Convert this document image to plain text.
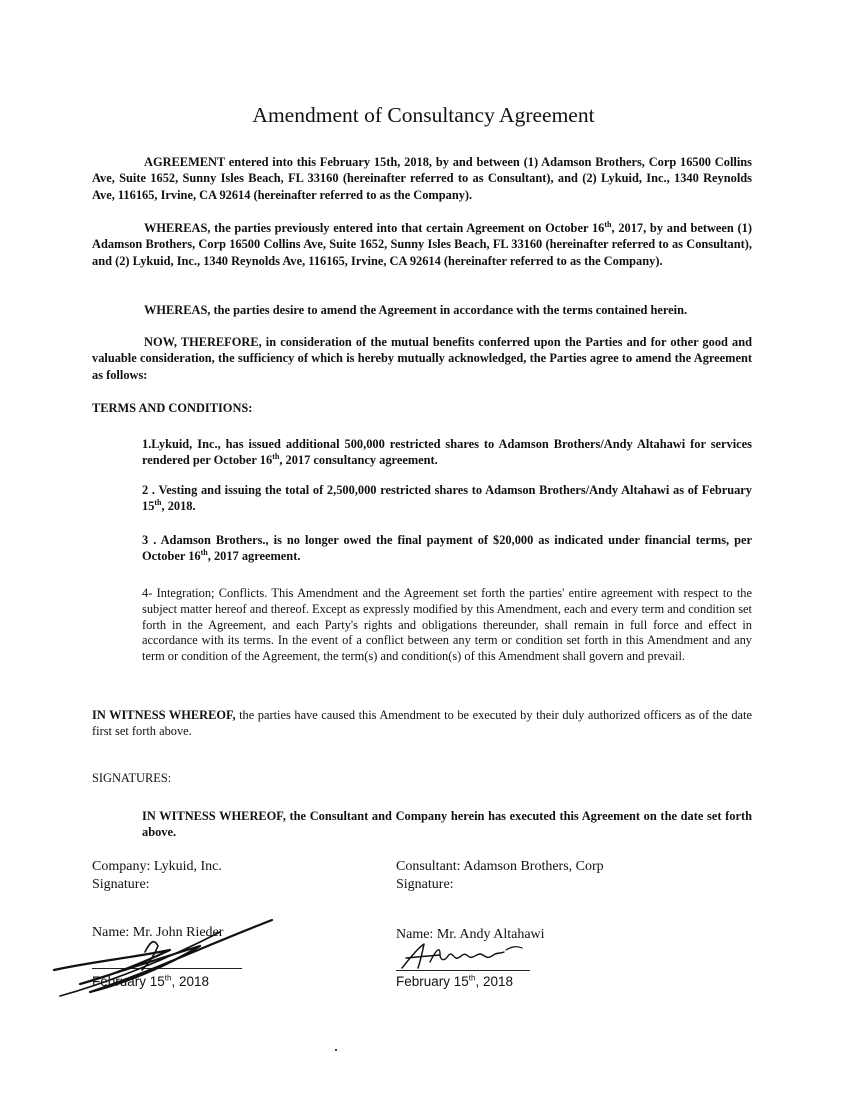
Amendment of Consultancy Agreement

AGREEMENT entered into this February 15th, 2018, by and between (1) Adamson Brothers, Corp 16500 Collins Ave, Suite 1652, Sunny Isles Beach, FL 33160 (hereinafter referred to as Consultant), and (2) Lykuid, Inc., 1340 Reynolds Ave, 116165, Irvine, CA 92614 (hereinafter referred to as the Company).

WHEREAS, the parties previously entered into that certain Agreement on October 16th, 2017, by and between (1) Adamson Brothers, Corp 16500 Collins Ave, Suite 1652, Sunny Isles Beach, FL 33160 (hereinafter referred to as Consultant), and (2) Lykuid, Inc., 1340 Reynolds Ave, 116165, Irvine, CA 92614 (hereinafter referred to as the Company).

WHEREAS, the parties desire to amend the Agreement in accordance with the terms contained herein.

NOW, THEREFORE, in consideration of the mutual benefits conferred upon the Parties and for other good and valuable consideration, the sufficiency of which is hereby mutually acknowledged, the Parties agree to amend the Agreement as follows:

TERMS AND CONDITIONS:

1.Lykuid, Inc., has issued additional 500,000 restricted shares to Adamson Brothers/Andy Altahawi for services rendered per October 16th, 2017 consultancy agreement.

2 . Vesting and issuing the total of 2,500,000 restricted shares to Adamson Brothers/Andy Altahawi as of February 15th, 2018.

3 . Adamson Brothers., is no longer owed the final payment of $20,000 as indicated under financial terms, per October 16th, 2017 agreement.

4- Integration; Conflicts. This Amendment and the Agreement set forth the parties' entire agreement with respect to the subject matter hereof and thereof. Except as expressly modified by this Amendment, each and every term and condition set forth in the Agreement, and each Party's rights and obligations thereunder, shall remain in full force and effect in accordance with its terms. In the event of a conflict between any term or condition set forth in this Amendment and any term or condition of the Agreement, the term(s) and condition(s) of this Amendment shall govern and prevail.

IN WITNESS WHEREOF, the parties have caused this Amendment to be executed by their duly authorized officers as of the date first set forth above.

SIGNATURES:

IN WITNESS WHEREOF, the Consultant and Company herein has executed this Agreement on the date set forth above.

Company: Lykuid, Inc.
Signature:
Name: Mr. John Rieder
February 15th, 2018
Consultant: Adamson Brothers, Corp
Signature:
Name: Mr. Andy Altahawi
February 15th, 2018
